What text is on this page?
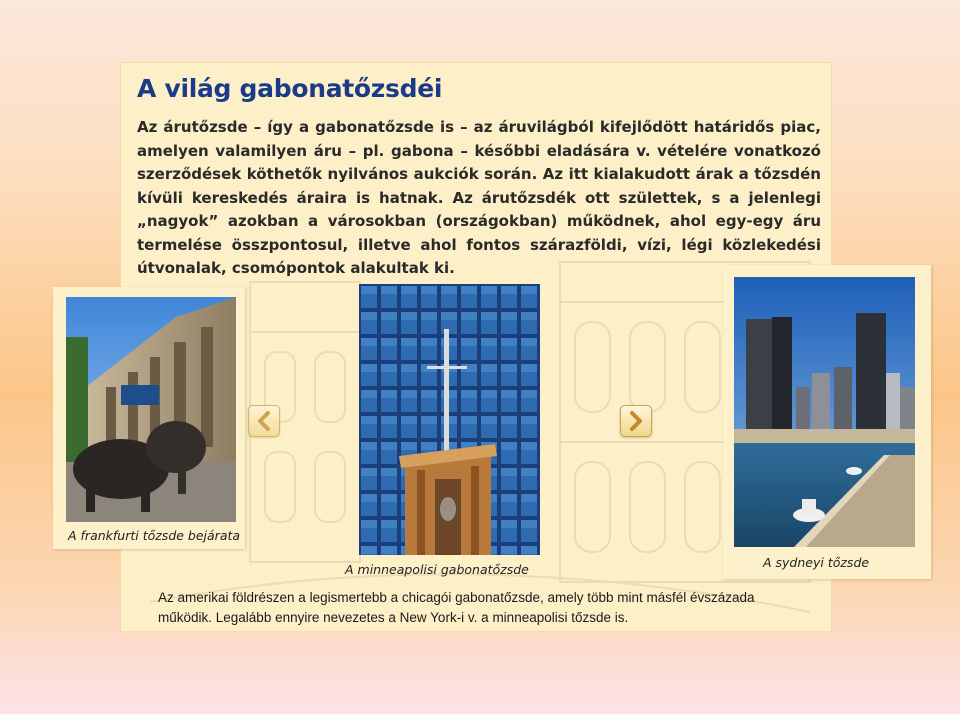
A világ gabonatőzsdéi

Az árutőzsde – így a gabonatőzsde is – az áruvilágból kifejlődött határidős piac, amelyen valamilyen áru – pl. gabona – későbbi eladására v. vételére vonatkozó szerződések köthetők nyilvános aukciók során. Az itt kialakudott árak a tőzsdén kívüli kereskedés áraira is hatnak. Az árutőzsdék ott születtek, s a jelenlegi „nagyok” azokban a városokban (országokban) működnek, ahol egy-egy áru termelése összpontosul, illetve ahol fontos szárazföldi, vízi, légi közlekedési útvonalak, csomópontok alakultak ki.

Az amerikai földrészen a legismertebb a chicagói gabonatőzsde, amely több mint másfél évszázada működik. Legalább ennyire nevezetes a New York-i v. a minneapolisi tőzsde is.

A frankfurti tőzsde bejárata
A minneapolisi gabonatőzsde	A sydneyi tőzsde
